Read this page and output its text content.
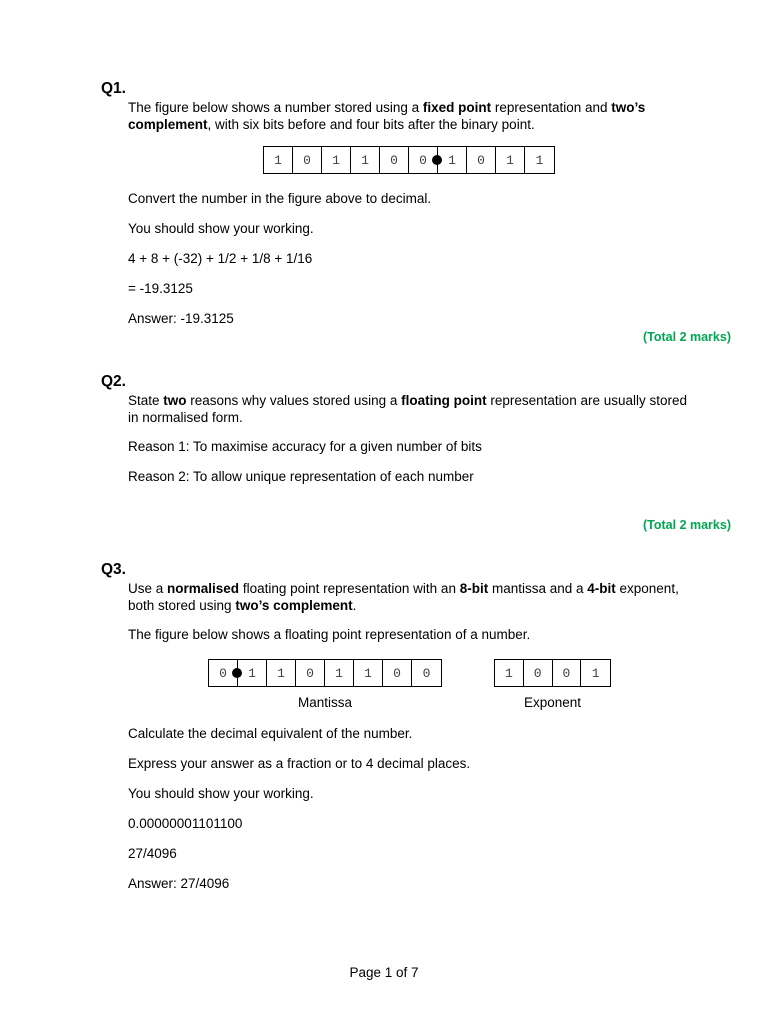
Q1.
The figure below shows a number stored using a fixed point representation and two’s complement, with six bits before and four bits after the binary point.
1	0	1	1	0	0	1	0	1	1
Convert the number in the figure above to decimal.
You should show your working.
4 + 8 + (-32) + 1/2 + 1/8 + 1/16
= -19.3125
Answer: -19.3125
(Total 2 marks)
Q2.
State two reasons why values stored using a floating point representation are usually stored in normalised form.
Reason 1: To maximise accuracy for a given number of bits
Reason 2: To allow unique representation of each number
(Total 2 marks)
Q3.
Use a normalised floating point representation with an 8-bit mantissa and a 4-bit exponent, both stored using two’s complement.
The figure below shows a floating point representation of a number.
0	1	1	0	1	1	0	0
Mantissa
1	0	0	1
Exponent
Calculate the decimal equivalent of the number.
Express your answer as a fraction or to 4 decimal places.
You should show your working.
0.00000001101100
27/4096
Answer: 27/4096
Page 1 of 7
